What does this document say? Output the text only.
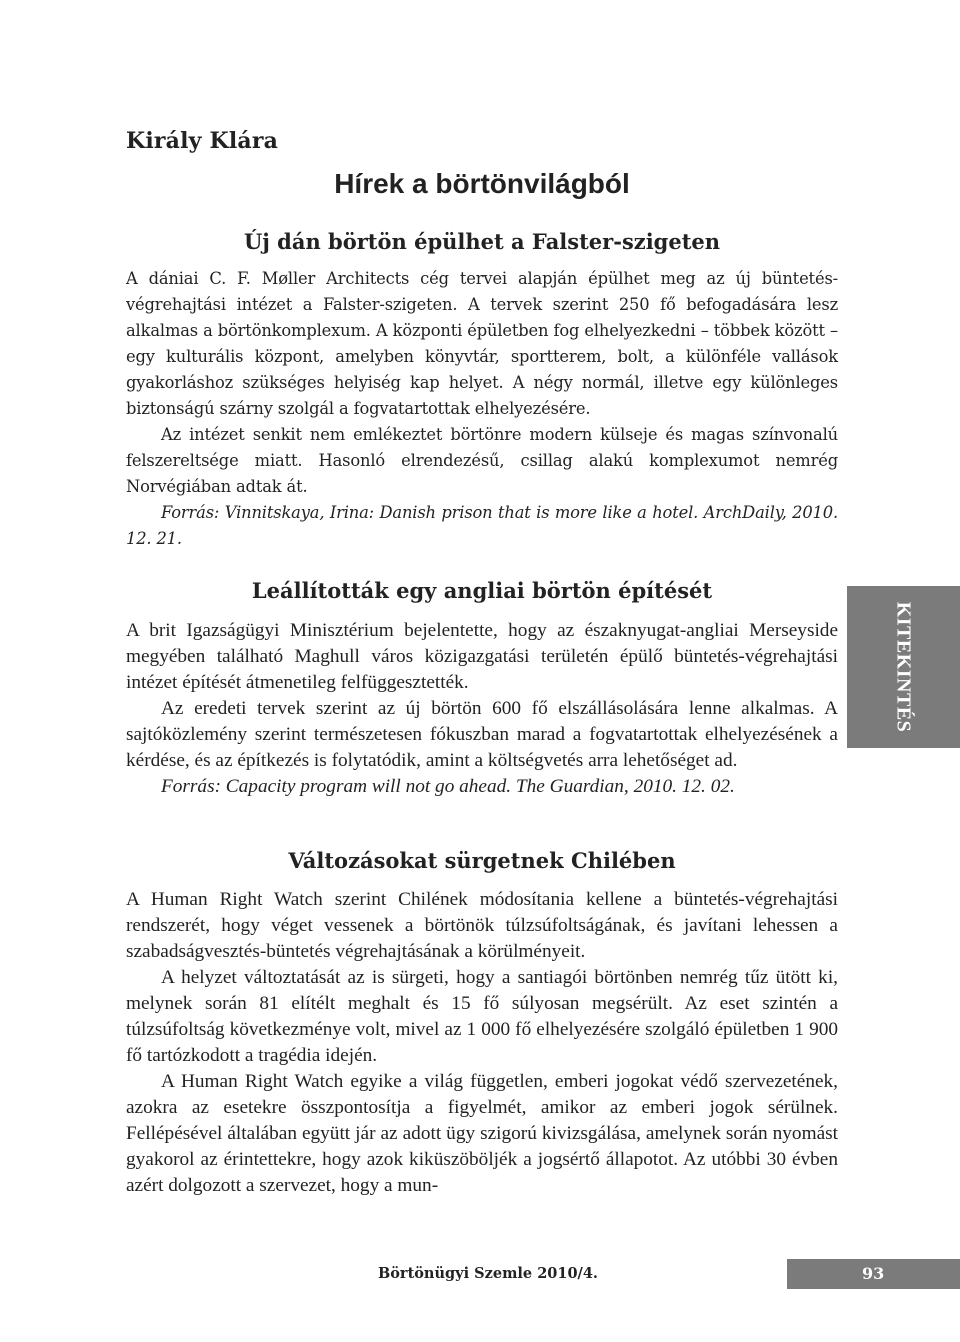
Király Klára
Hírek a börtönvilágból
Új dán börtön épülhet a Falster-szigeten

A dániai C. F. Møller Architects cég tervei alapján épülhet meg az új büntetés-végrehajtási intézet a Falster-szigeten. A tervek szerint 250 fő befogadására lesz alkalmas a börtönkomplexum. A központi épületben fog elhelyezkedni – többek között – egy kulturális központ, amelyben könyvtár, sportterem, bolt, a különféle vallások gyakorláshoz szükséges helyiség kap helyet. A négy normál, illetve egy különleges biztonságú szárny szolgál a fogvatartottak elhelyezésére.

Az intézet senkit nem emlékeztet börtönre modern külseje és magas színvonalú felszereltsége miatt. Hasonló elrendezésű, csillag alakú komplexumot nemrég Norvégiában adtak át.

Forrás: Vinnitskaya, Irina: Danish prison that is more like a hotel. ArchDaily, 2010. 12. 21.

Leállították egy angliai börtön építését

A brit Igazságügyi Minisztérium bejelentette, hogy az északnyugat-angliai Merseyside megyében található Maghull város közigazgatási területén épülő büntetés-végrehajtási intézet építését átmenetileg felfüggesztették.

Az eredeti tervek szerint az új börtön 600 fő elszállásolására lenne alkalmas. A sajtóközlemény szerint természetesen fókuszban marad a fogvatartottak elhelyezésének a kérdése, és az építkezés is folytatódik, amint a költségvetés arra lehetőséget ad.

Forrás: Capacity program will not go ahead. The Guardian, 2010. 12. 02.

Változásokat sürgetnek Chilében

A Human Right Watch szerint Chilének módosítania kellene a büntetés-végrehajtási rendszerét, hogy véget vessenek a börtönök túlzsúfoltságának, és javítani lehessen a szabadságvesztés-büntetés végrehajtásának a körülményeit.

A helyzet változtatását az is sürgeti, hogy a santiagói börtönben nemrég tűz ütött ki, melynek során 81 elítélt meghalt és 15 fő súlyosan megsérült. Az eset szintén a túlzsúfoltság következménye volt, mivel az 1 000 fő elhelyezésére szolgáló épületben 1 900 fő tartózkodott a tragédia idején.

A Human Right Watch egyike a világ független, emberi jogokat védő szervezetének, azokra az esetekre összpontosítja a figyelmét, amikor az emberi jogok sérülnek. Fellépésével általában együtt jár az adott ügy szigorú kivizsgálása, amelynek során nyomást gyakorol az érintettekre, hogy azok kiküszöböljék a jogsértő állapotot. Az utóbbi 30 évben azért dolgozott a szervezet, hogy a mun-

KITEKINTÉS
Börtönügyi Szemle 2010/4.	93
